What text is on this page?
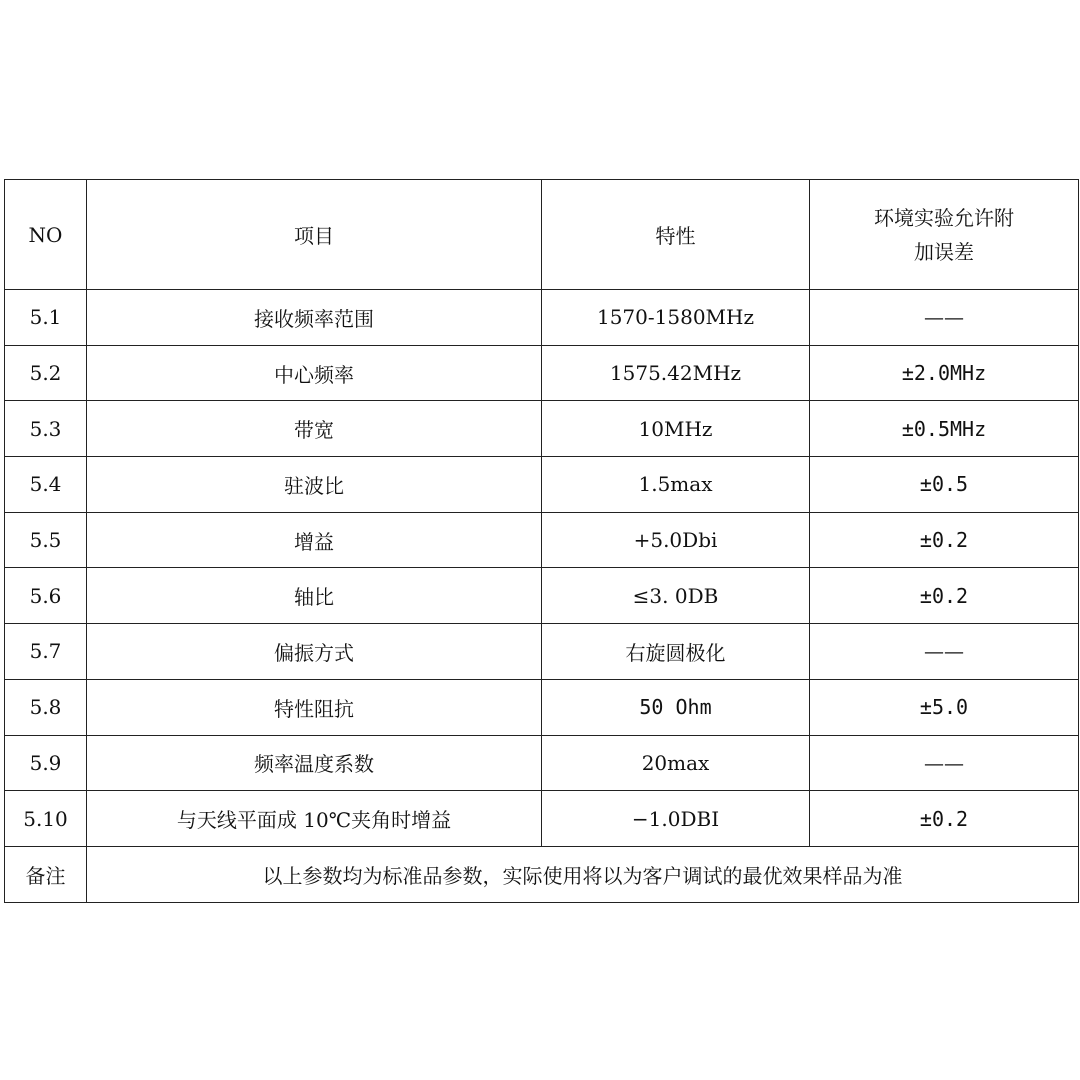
NO	项目	特性	环境实验允许附
加误差

5.1	接收频率范围	1570-1580MHz	——
5.2	中心频率	1575.42MHz	±2.0MHz
5.3	带宽	10MHz	±0.5MHz
5.4	驻波比	1.5max	±0.5
5.5	增益	+5.0Dbi	±0.2
5.6	轴比	≤3. 0DB	±0.2
5.7	偏振方式	右旋圆极化	——
5.8	特性阻抗	50 Ohm	±5.0
5.9	频率温度系数	20max	——
5.10	与天线平面成 10℃夹角时增益	−1.0DBI	±0.2
备注	以上参数均为标准品参数，实际使用将以为客户调试的最优效果样品为准		
